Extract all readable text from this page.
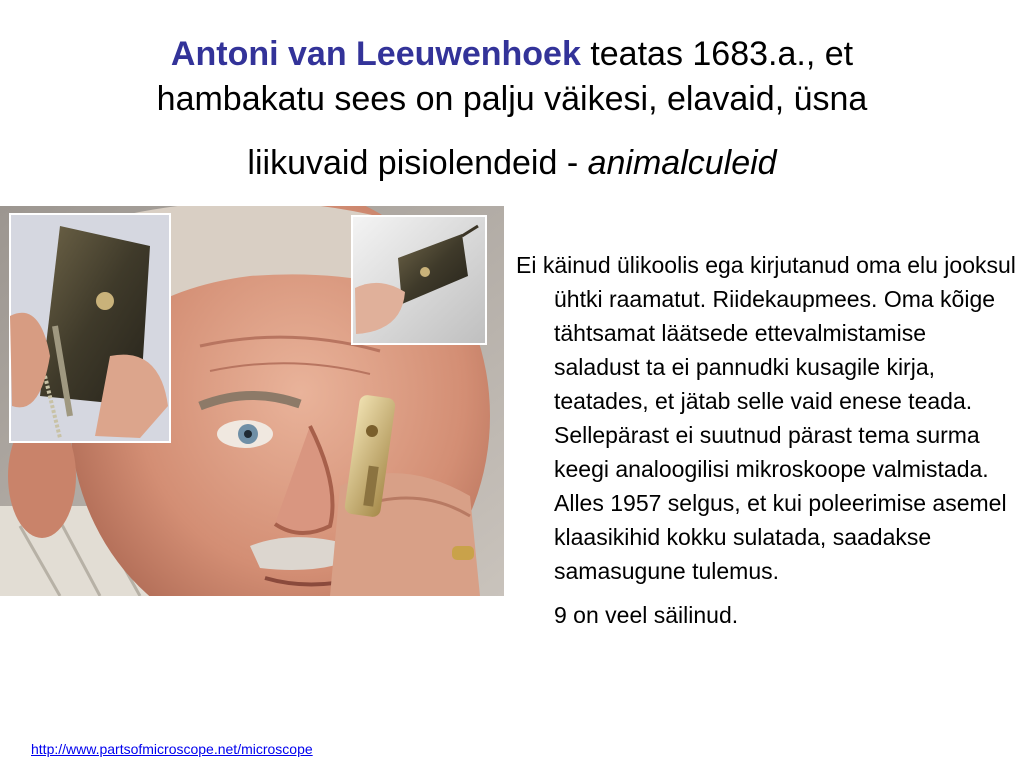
Antoni van Leeuwenhoek teatas 1683.a., et
hambakatu sees on palju väikesi, elavaid, üsna
liikuvaid pisiolendeid - animalculeid

Ei käinud ülikoolis ega kirjutanud oma elu jooksul ühtki raamatut. Riidekaupmees. Oma kõige tähtsamat läätsede ettevalmistamise saladust ta ei pannudki kusagile kirja, teatades, et jätab selle vaid enese teada. Sellepärast ei suutnud pärast tema surma keegi analoogilisi mikroskoope valmistada. Alles 1957 selgus, et kui poleerimise asemel klaasikihid kokku sulatada, saadakse samasugune tulemus.

9 on veel säilinud.

http://www.partsofmicroscope.net/microscope
